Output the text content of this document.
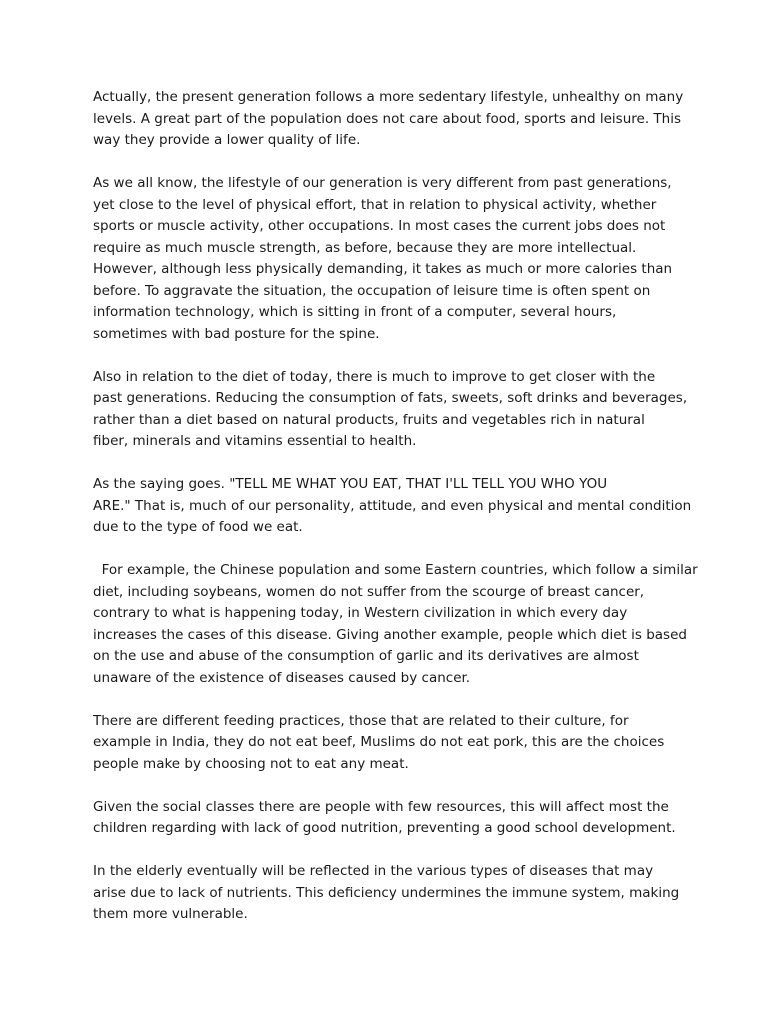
Actually, the present generation follows a more sedentary lifestyle, unhealthy on many
levels. A great part of the population does not care about food, sports and leisure. This
way they provide a lower quality of life.

As we all know, the lifestyle of our generation is very different from past generations,
yet close to the level of physical effort, that in relation to physical activity, whether
sports or muscle activity, other occupations. In most cases the current jobs does not
require as much muscle strength, as before, because they are more intellectual.
However, although less physically demanding, it takes as much or more calories than
before. To aggravate the situation, the occupation of leisure time is often spent on
information technology, which is sitting in front of a computer, several hours,
sometimes with bad posture for the spine.

Also in relation to the diet of today, there is much to improve to get closer with the
past generations. Reducing the consumption of fats, sweets, soft drinks and beverages,
rather than a diet based on natural products, fruits and vegetables rich in natural
fiber, minerals and vitamins essential to health.

As the saying goes. "TELL ME WHAT YOU EAT, THAT I'LL TELL YOU WHO YOU
ARE." That is, much of our personality, attitude, and even physical and mental condition
due to the type of food we eat.

For example, the Chinese population and some Eastern countries, which follow a similar
diet, including soybeans, women do not suffer from the scourge of breast cancer,
contrary to what is happening today, in Western civilization in which every day
increases the cases of this disease. Giving another example, people which diet is based
on the use and abuse of the consumption of garlic and its derivatives are almost
unaware of the existence of diseases caused by cancer.

There are different feeding practices, those that are related to their culture, for
example in India, they do not eat beef, Muslims do not eat pork, this are the choices
people make by choosing not to eat any meat.

Given the social classes there are people with few resources, this will affect most the
children regarding with lack of good nutrition, preventing a good school development.

In the elderly eventually will be reflected in the various types of diseases that may
arise due to lack of nutrients. This deficiency undermines the immune system, making
them more vulnerable.
